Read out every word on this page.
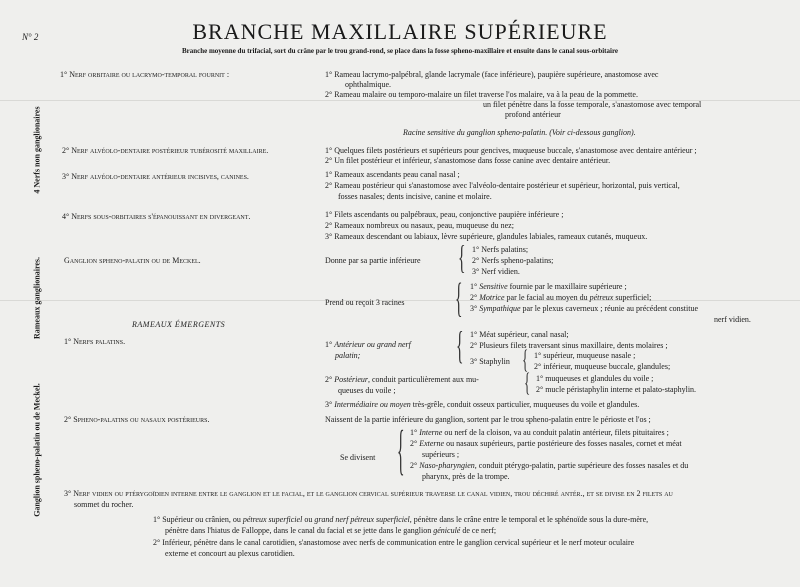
N° 2	BRANCHE MAXILLAIRE SUPÉRIEURE
Branche moyenne du trifacial, sort du crâne par le trou grand-rond, se place dans la fosse spheno-maxillaire et ensuite dans le canal sous-orbitaire
4 Nerfs non ganglionaires
Rameaux ganglionaires.
Ganglion spheno-palatin ou de Meckel.
1° Nerf orbitaire ou lacrymo-temporal fournit :	1° Rameau lacrymo-palpébral, glande lacrymale (face inférieure), paupière supérieure, anastomose avec
ophthalmique.
2° Rameau malaire ou temporo-malaire un filet traverse l'os malaire, va à la peau de la pommette.
un filet pénètre dans la fosse temporale, s'anastomose avec temporal
profond antérieur
Racine sensitive du ganglion spheno-palatin. (Voir ci-dessous ganglion).
2° Nerf alvéolo-dentaire postérieur tubérosité maxillaire.	1° Quelques filets postérieurs et supérieurs pour gencives, muqueuse buccale, s'anastomose avec dentaire antérieur ;
2° Un filet postérieur et inférieur, s'anastomose dans fosse canine avec dentaire antérieur.
3° Nerf alvéolo-dentaire antérieur incisives, canines.	1° Rameaux ascendants peau canal nasal ;
2° Rameau postérieur qui s'anastomose avec l'alvéolo-dentaire postérieur et supérieur, horizontal, puis vertical,
fosses nasales; dents incisive, canine et molaire.
4° Nerfs sous-orbitaires s'épanouissant en divergeant.	1° Filets ascendants ou palpébraux, peau, conjonctive paupière inférieure ;
2° Rameaux nombreux ou nasaux, peau, muqueuse du nez;
3° Rameaux descendant ou labiaux, lèvre supérieure, glandules labiales, rameaux cutanés, muqueux.
Ganglion spheno-palatin ou de Meckel.	Donne par sa partie inférieure { 1° Nerfs palatins;
2° Nerfs spheno-palatins;
3° Nerf vidien.
Prend ou reçoit 3 racines { 1° Sensitive fournie par le maxillaire supérieure ;
2° Motrice par le facial au moyen du pétreux superficiel;
3° Sympathique par le plexus caverneux ; réunie au précédent constitue
nerf vidien.
RAMEAUX ÉMERGENTS
1° Nerfs palatins.	1° Antérieur ou grand nerf
palatin;	{ 1° Méat supérieur, canal nasal;
2° Plusieurs filets traversant sinus maxillaire, dents molaires ;
3° Staphylin { 1° supérieur, muqueuse nasale ;
2° inférieur, muqueuse buccale, glandules;
2° Postérieur, conduit particulièrement aux mu-
queuses du voile ;	{ 1° muqueuses et glandules du voile ;
2° mucle péristaphylin interne et palato-staphylin.
3° Intermédiaire ou moyen très-grêle, conduit osseux particulier, muqueuses du voile et glandules.
2° Spheno-palatins ou nasaux postérieurs.	Naissent de la partie inférieure du ganglion, sortent par le trou spheno-palatin entre le périoste et l'os ;
Se divisent { 1° Interne ou nerf de la cloison, va au conduit palatin antérieur, filets pituitaires ;
2° Externe ou nasaux supérieurs, partie postérieure des fosses nasales, cornet et méat
supérieurs ;
2° Naso-pharyngien, conduit ptérygo-palatin, partie supérieure des fosses nasales et du
pharynx, près de la trompe.
3° Nerf vidien ou ptérygoïdien interne entre le ganglion et le facial, et le ganglion cervical supérieur traverse le canal vidien, trou déchiré antér., et se divise en 2 filets au
sommet du rocher.
1° Supérieur ou crânien, ou pétreux superficiel ou grand nerf pétreux superficiel, pénètre dans le crâne entre le temporal et le sphénoïde sous la dure-mère,
pénètre dans l'hiatus de Falloppe, dans le canal du facial et se jette dans le ganglion géniculé de ce nerf;
2° Inférieur, pénètre dans le canal carotidien, s'anastomose avec nerfs de communication entre le ganglion cervical supérieur et le nerf moteur oculaire
externe et concourt au plexus carotidien.
